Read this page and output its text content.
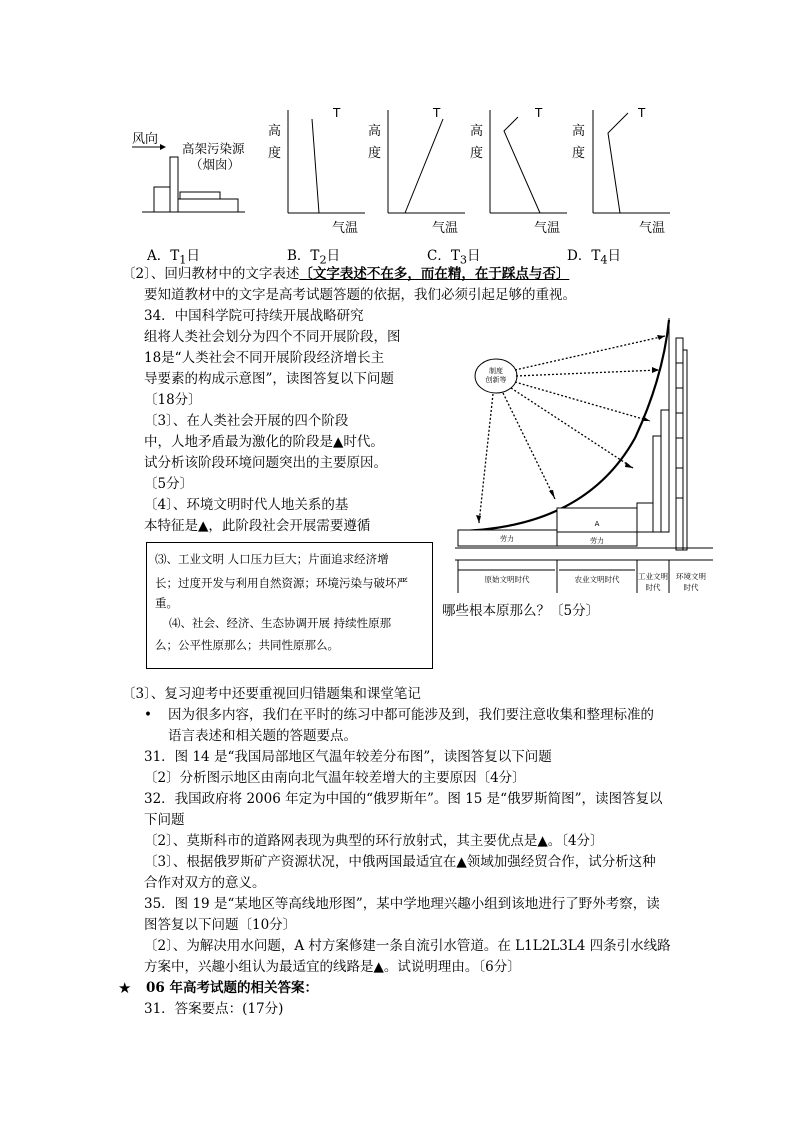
风向
高架污染源
（烟囱）
高
度
T
气温
高
度
T
气温
高
度
T
气温
高
度
T
气温
A．$T_1$日	B．$T_2$日	C．$T_3$日	D．$T_4$日
〔2〕、回归教材中的文字表述〔文字表述不在多，而在精，在于踩点与否〕
要知道教材中的文字是高考试题答题的依据，我们必须引起足够的重视。
34．中国科学院可持续开展战略研究
组将人类社会划分为四个不同开展阶段，图
18是“人类社会不同开展阶段经济增长主
导要素的构成示意图”，读图答复以下问题
〔18分〕
〔3〕、在人类社会开展的四个阶段
中，人地矛盾最为激化的阶段是▲时代。
试分析该阶段环境问题突出的主要原因。
〔5分〕
〔4〕、环境文明时代人地关系的基
本特征是▲，此阶段社会开展需要遵循
⑶、工业文明 人口压力巨大；片面追求经济增
长；过度开发与利用自然资源；环境污染与破坏严
重。
⑷、社会、经济、生态协调开展 持续性原那
么；公平性原那么；共同性原那么。
哪些根本原那么？〔5分〕
制度
创新等
A
劳力
劳力
原始文明时代	农业文明时代 工业文明
时代
环境文明
时代
〔3〕、复习迎考中还要重视回归错题集和课堂笔记
• 因为很多内容，我们在平时的练习中都可能涉及到，我们要注意收集和整理标准的
语言表述和相关题的答题要点。
31．图 14 是“我国局部地区气温年较差分布图”，读图答复以下问题
〔2〕分析图示地区由南向北气温年较差增大的主要原因〔4分〕
32．我国政府将 2006 年定为中国的“俄罗斯年”。图 15 是“俄罗斯简图”，读图答复以
下问题
〔2〕、莫斯科市的道路网表现为典型的环行放射式，其主要优点是▲。〔4分〕
〔3〕、根据俄罗斯矿产资源状况，中俄两国最适宜在▲领域加强经贸合作，试分析这种
合作对双方的意义。
35．图 19 是“某地区等高线地形图”，某中学地理兴趣小组到该地进行了野外考察，读
图答复以下问题〔10分〕
〔2〕、为解决用水问题，A 村方案修建一条自流引水管道。在 L1L2L3L4 四条引水线路
方案中，兴趣小组认为最适宜的线路是▲。试说明理由。〔6分〕
★ 06 年高考试题的相关答案：
31．答案要点：(17分)
